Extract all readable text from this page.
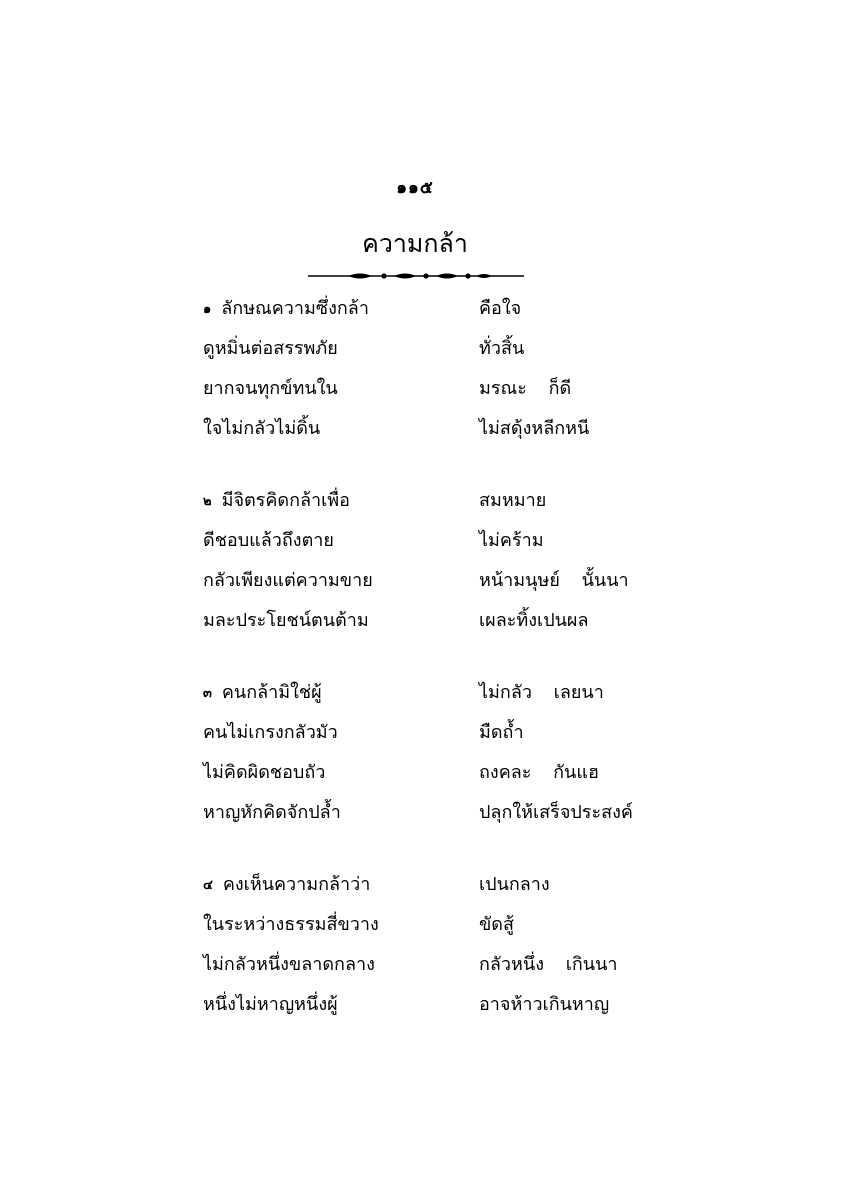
๑๑๕
ความกล้า
๑ ลักษณความซึ่งกล้า	คือใจ
ดูหมิ่นต่อสรรพภัย	ทั่วสิ้น
ยากจนทุกข์ทนใน	มรณะ ก็ดี
ใจไม่กลัวไม่ดิ้น	ไม่สดุ้งหลีกหนี
๒ มีจิตรคิดกล้าเพื่อ	สมหมาย
ดีชอบแล้วถึงตาย	ไม่คร้าม
กลัวเพียงแต่ความขาย	หน้ามนุษย์ นั้นนา
มละประโยชน์ตนต้าม	เผละทิ้งเปนผล
๓ คนกล้ามิใช่ผู้	ไม่กลัว เลยนา
คนไม่เกรงกลัวมัว	มืดถ้ำ
ไม่คิดผิดชอบถัว	ถงคละ กันแฮ
หาญหักคิดจักปล้ำ	ปลุกให้เสร็จประสงค์
๔ คงเห็นความกล้าว่า	เปนกลาง
ในระหว่างธรรมสี่ขวาง	ขัดสู้
ไม่กลัวหนึ่งขลาดกลาง	กลัวหนึ่ง เกินนา
หนึ่งไม่หาญหนึ่งผู้	อาจห้าวเกินหาญ
